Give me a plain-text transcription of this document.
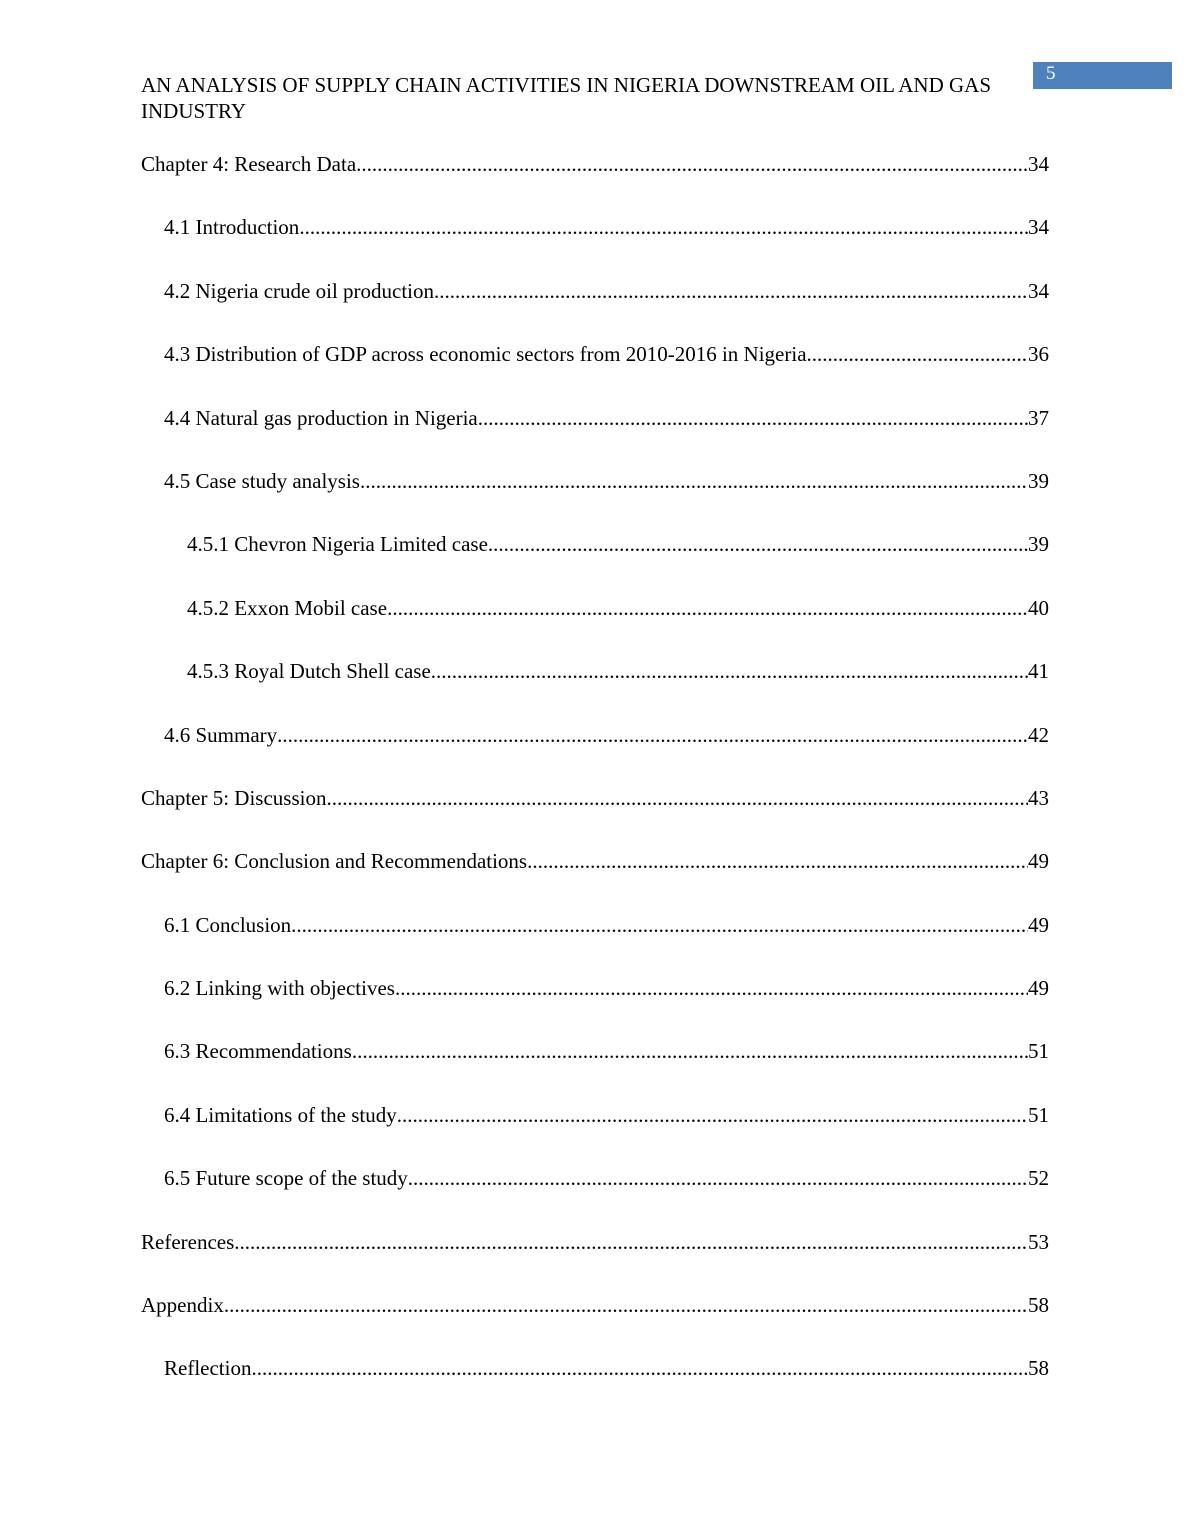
5
AN ANALYSIS OF SUPPLY CHAIN ACTIVITIES IN NIGERIA DOWNSTREAM OIL AND GAS INDUSTRY
Chapter 4: Research Data .....	34
4.1 Introduction .....	34
4.2 Nigeria crude oil production .....	34
4.3 Distribution of GDP across economic sectors from 2010-2016 in Nigeria .....	36
4.4 Natural gas production in Nigeria .....	37
4.5 Case study analysis .....	39
4.5.1 Chevron Nigeria Limited case .....	39
4.5.2 Exxon Mobil case .....	40
4.5.3 Royal Dutch Shell case .....	41
4.6 Summary .....	42
Chapter 5: Discussion .....	43
Chapter 6: Conclusion and Recommendations .....	49
6.1 Conclusion .....	49
6.2 Linking with objectives .....	49
6.3 Recommendations .....	51
6.4 Limitations of the study .....	51
6.5 Future scope of the study .....	52
References .....	53
Appendix .....	58
Reflection .....	58
